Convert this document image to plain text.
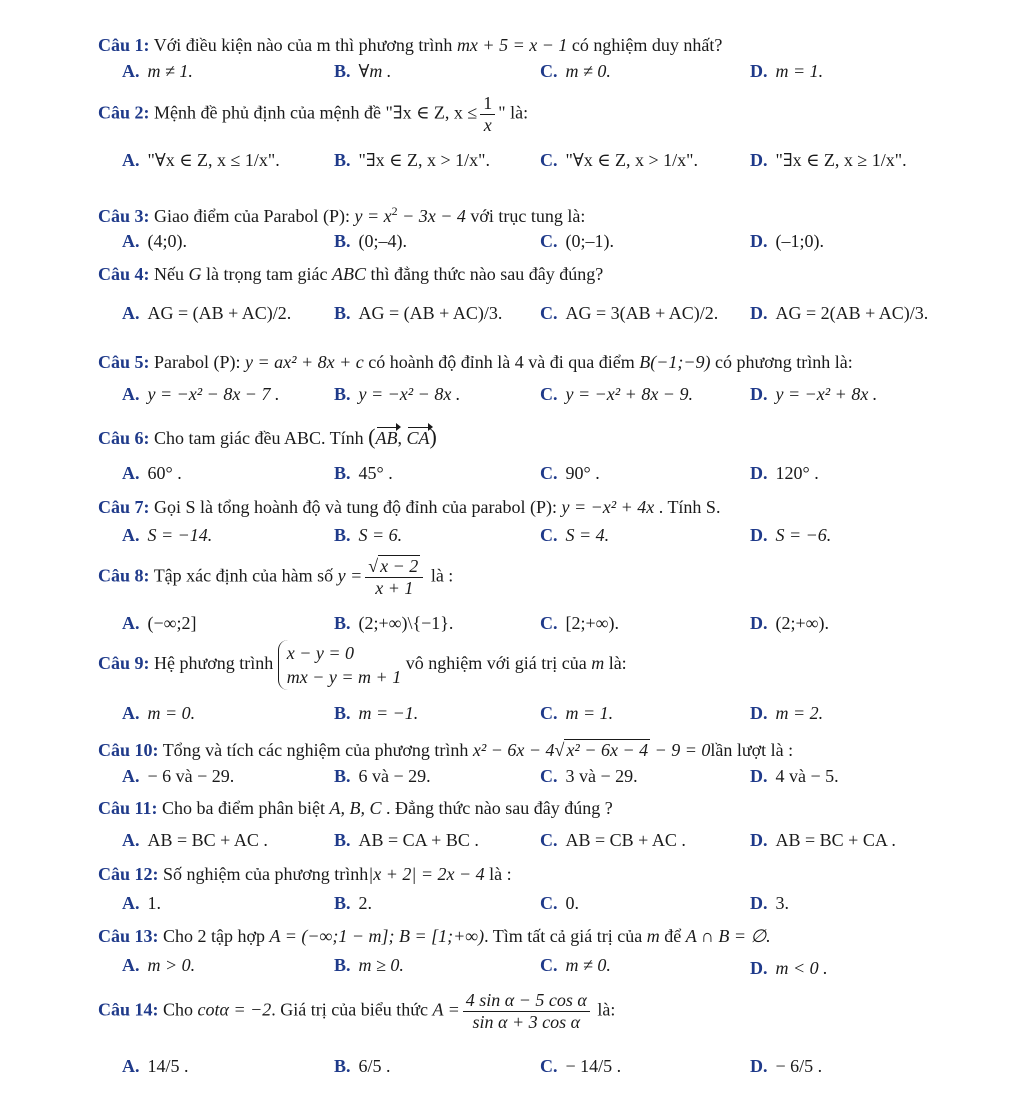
Câu 1: Với điều kiện nào của m thì phương trình mx + 5 = x − 1 có nghiệm duy nhất?
A. m ≠ 1.	B. ∀m .	C. m ≠ 0.	D. m = 1.
Câu 2: Mệnh đề phủ định của mệnh đề "∃x ∈ Z, $x \le \frac{1}{x}$ " là:
A. "∀x ∈ Z, x ≤ 1/x".	B. "∃x ∈ Z, x > 1/x".	C. "∀x ∈ Z, x > 1/x".	D. "∃x ∈ Z, x ≥ 1/x".
Câu 3: Giao điểm của Parabol (P): $y = x^2 - 3x - 4$ với trục tung là:
A. (4;0).	B. (0;–4).	C. (0;–1).	D. (–1;0).
Câu 4: Nếu G là trọng tam giác ABC thì đẳng thức nào sau đây đúng?
A. AG = (AB + AC)/2. B. AG = (AB + AC)/3. C. AG = 3(AB + AC)/2. D. AG = 2(AB + AC)/3.
Câu 5: Parabol (P): y = ax² + 8x + c có hoành độ đỉnh là 4 và đi qua điểm B(−1;−9) có phương trình là:
A. y = −x² − 8x − 7 .	B. y = −x² − 8x .	C. y = −x² + 8x − 9.	D. y = −x² + 8x .
Câu 6: Cho tam giác đều ABC. Tính (AB, CA)
A. 60° .	B. 45° .	C. 90° .	D. 120° .
Câu 7: Gọi S là tổng hoành độ và tung độ đỉnh của parabol (P): y = −x² + 4x . Tính S.
A. S = −14.	B. S = 6.	C. S = 4.	D. S = −6.
Câu 8: Tập xác định của hàm số $y = \frac{√ x - 2}{x + 1}$ là :
A. (−∞;2]	B. (2;+∞)\{−1}.	C. [2;+∞).	D. (2;+∞).
Câu 9: Hệ phương trình
x − y = 0
mx − y = m + 1
vô nghiệm với giá trị của m là:
A. m = 0.	B. m = −1.	C. m = 1.	D. m = 2.
Câu 10: Tổng và tích các nghiệm của phương trình x² − 6x − 4√ x² − 6x − 4 − 9 = 0lần lượt là :
A. − 6 và − 29.	B. 6 và − 29.	C. 3 và − 29.	D. 4 và − 5.
Câu 11: Cho ba điểm phân biệt A, B, C . Đẳng thức nào sau đây đúng ?
A. AB = BC + AC .	B. AB = CA + BC .	C. AB = CB + AC .	D. AB = BC + CA .
Câu 12: Số nghiệm của phương trình|x + 2| = 2x − 4 là :
A. 1.	B. 2.	C. 0.	D. 3.
Câu 13: Cho 2 tập hợp A = (−∞;1 − m]; B = [1;+∞). Tìm tất cả giá trị của m để A ∩ B = ∅.
A. m > 0.	B. m ≥ 0.	C. m ≠ 0.	D. m < 0 .
Câu 14: Cho cotα = −2. Giá trị của biểu thức $A = \frac{\text{4 sin α − 5 cos α}}{\text{sin α + 3 cos α}}$ là:
A. 14/5 .	B. 6/5 .	C. − 14/5 .	D. − 6/5 .
